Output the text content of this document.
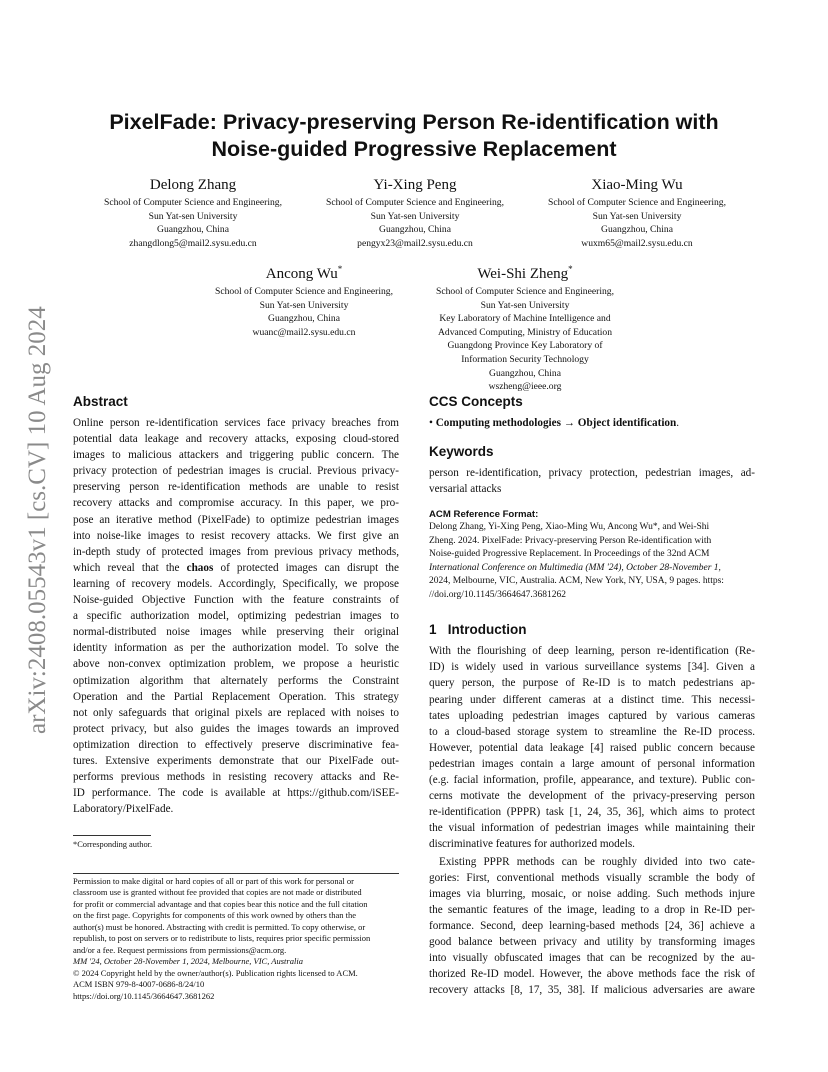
arXiv:2408.05543v1 [cs.CV] 10 Aug 2024
PixelFade: Privacy-preserving Person Re-identification with
Noise-guided Progressive Replacement
Delong Zhang
School of Computer Science and Engineering,
Sun Yat-sen University
Guangzhou, China
zhangdlong5@mail2.sysu.edu.cn
Yi-Xing Peng
School of Computer Science and Engineering,
Sun Yat-sen University
Guangzhou, China
pengyx23@mail2.sysu.edu.cn
Xiao-Ming Wu
School of Computer Science and Engineering,
Sun Yat-sen University
Guangzhou, China
wuxm65@mail2.sysu.edu.cn
Ancong Wu*
School of Computer Science and Engineering,
Sun Yat-sen University
Guangzhou, China
wuanc@mail2.sysu.edu.cn
Wei-Shi Zheng*
School of Computer Science and Engineering,
Sun Yat-sen University
Key Laboratory of Machine Intelligence and
Advanced Computing, Ministry of Education
Guangdong Province Key Laboratory of
Information Security Technology
Guangzhou, China
wszheng@ieee.org
Abstract
Online person re-identification services face privacy breaches from
potential data leakage and recovery attacks, exposing cloud-stored
images to malicious attackers and triggering public concern. The
privacy protection of pedestrian images is crucial. Previous privacy-
preserving person re-identification methods are unable to resist
recovery attacks and compromise accuracy. In this paper, we pro-
pose an iterative method (PixelFade) to optimize pedestrian images
into noise-like images to resist recovery attacks. We first give an
in-depth study of protected images from previous privacy methods,
which reveal that the chaos of protected images can disrupt the
learning of recovery models. Accordingly, Specifically, we propose
Noise-guided Objective Function with the feature constraints of
a specific authorization model, optimizing pedestrian images to
normal-distributed noise images while preserving their original
identity information as per the authorization model. To solve the
above non-convex optimization problem, we propose a heuristic
optimization algorithm that alternately performs the Constraint
Operation and the Partial Replacement Operation. This strategy
not only safeguards that original pixels are replaced with noises to
protect privacy, but also guides the images towards an improved
optimization direction to effectively preserve discriminative fea-
tures. Extensive experiments demonstrate that our PixelFade out-
performs previous methods in resisting recovery attacks and Re-
ID performance. The code is available at https://github.com/iSEE-
Laboratory/PixelFade.
*Corresponding author.
Permission to make digital or hard copies of all or part of this work for personal or
classroom use is granted without fee provided that copies are not made or distributed
for profit or commercial advantage and that copies bear this notice and the full citation
on the first page. Copyrights for components of this work owned by others than the
author(s) must be honored. Abstracting with credit is permitted. To copy otherwise, or
republish, to post on servers or to redistribute to lists, requires prior specific permission
and/or a fee. Request permissions from permissions@acm.org.
MM '24, October 28-November 1, 2024, Melbourne, VIC, Australia
© 2024 Copyright held by the owner/author(s). Publication rights licensed to ACM.
ACM ISBN 979-8-4007-0686-8/24/10
https://doi.org/10.1145/3664647.3681262
CCS Concepts
• Computing methodologies → Object identification.
Keywords
person re-identification, privacy protection, pedestrian images, ad-
versarial attacks
ACM Reference Format:
Delong Zhang, Yi-Xing Peng, Xiao-Ming Wu, Ancong Wu*, and Wei-Shi
Zheng. 2024. PixelFade: Privacy-preserving Person Re-identification with
Noise-guided Progressive Replacement. In Proceedings of the 32nd ACM
International Conference on Multimedia (MM '24), October 28-November 1,
2024, Melbourne, VIC, Australia. ACM, New York, NY, USA, 9 pages. https:
//doi.org/10.1145/3664647.3681262
1 Introduction
With the flourishing of deep learning, person re-identification (Re-
ID) is widely used in various surveillance systems [34]. Given a
query person, the purpose of Re-ID is to match pedestrians ap-
pearing under different cameras at a distinct time. This necessi-
tates uploading pedestrian images captured by various cameras
to a cloud-based storage system to streamline the Re-ID process.
However, potential data leakage [4] raised public concern because
pedestrian images contain a large amount of personal information
(e.g. facial information, profile, appearance, and texture). Public con-
cerns motivate the development of the privacy-preserving person
re-identification (PPPR) task [1, 24, 35, 36], which aims to protect
the visual information of pedestrian images while maintaining their
discriminative features for authorized models.
Existing PPPR methods can be roughly divided into two cate-
gories: First, conventional methods visually scramble the body of
images via blurring, mosaic, or noise adding. Such methods injure
the semantic features of the image, leading to a drop in Re-ID per-
formance. Second, deep learning-based methods [24, 36] achieve a
good balance between privacy and utility by transforming images
into visually obfuscated images that can be recognized by the au-
thorized Re-ID model. However, the above methods face the risk of
recovery attacks [8, 17, 35, 38]. If malicious adversaries are aware
